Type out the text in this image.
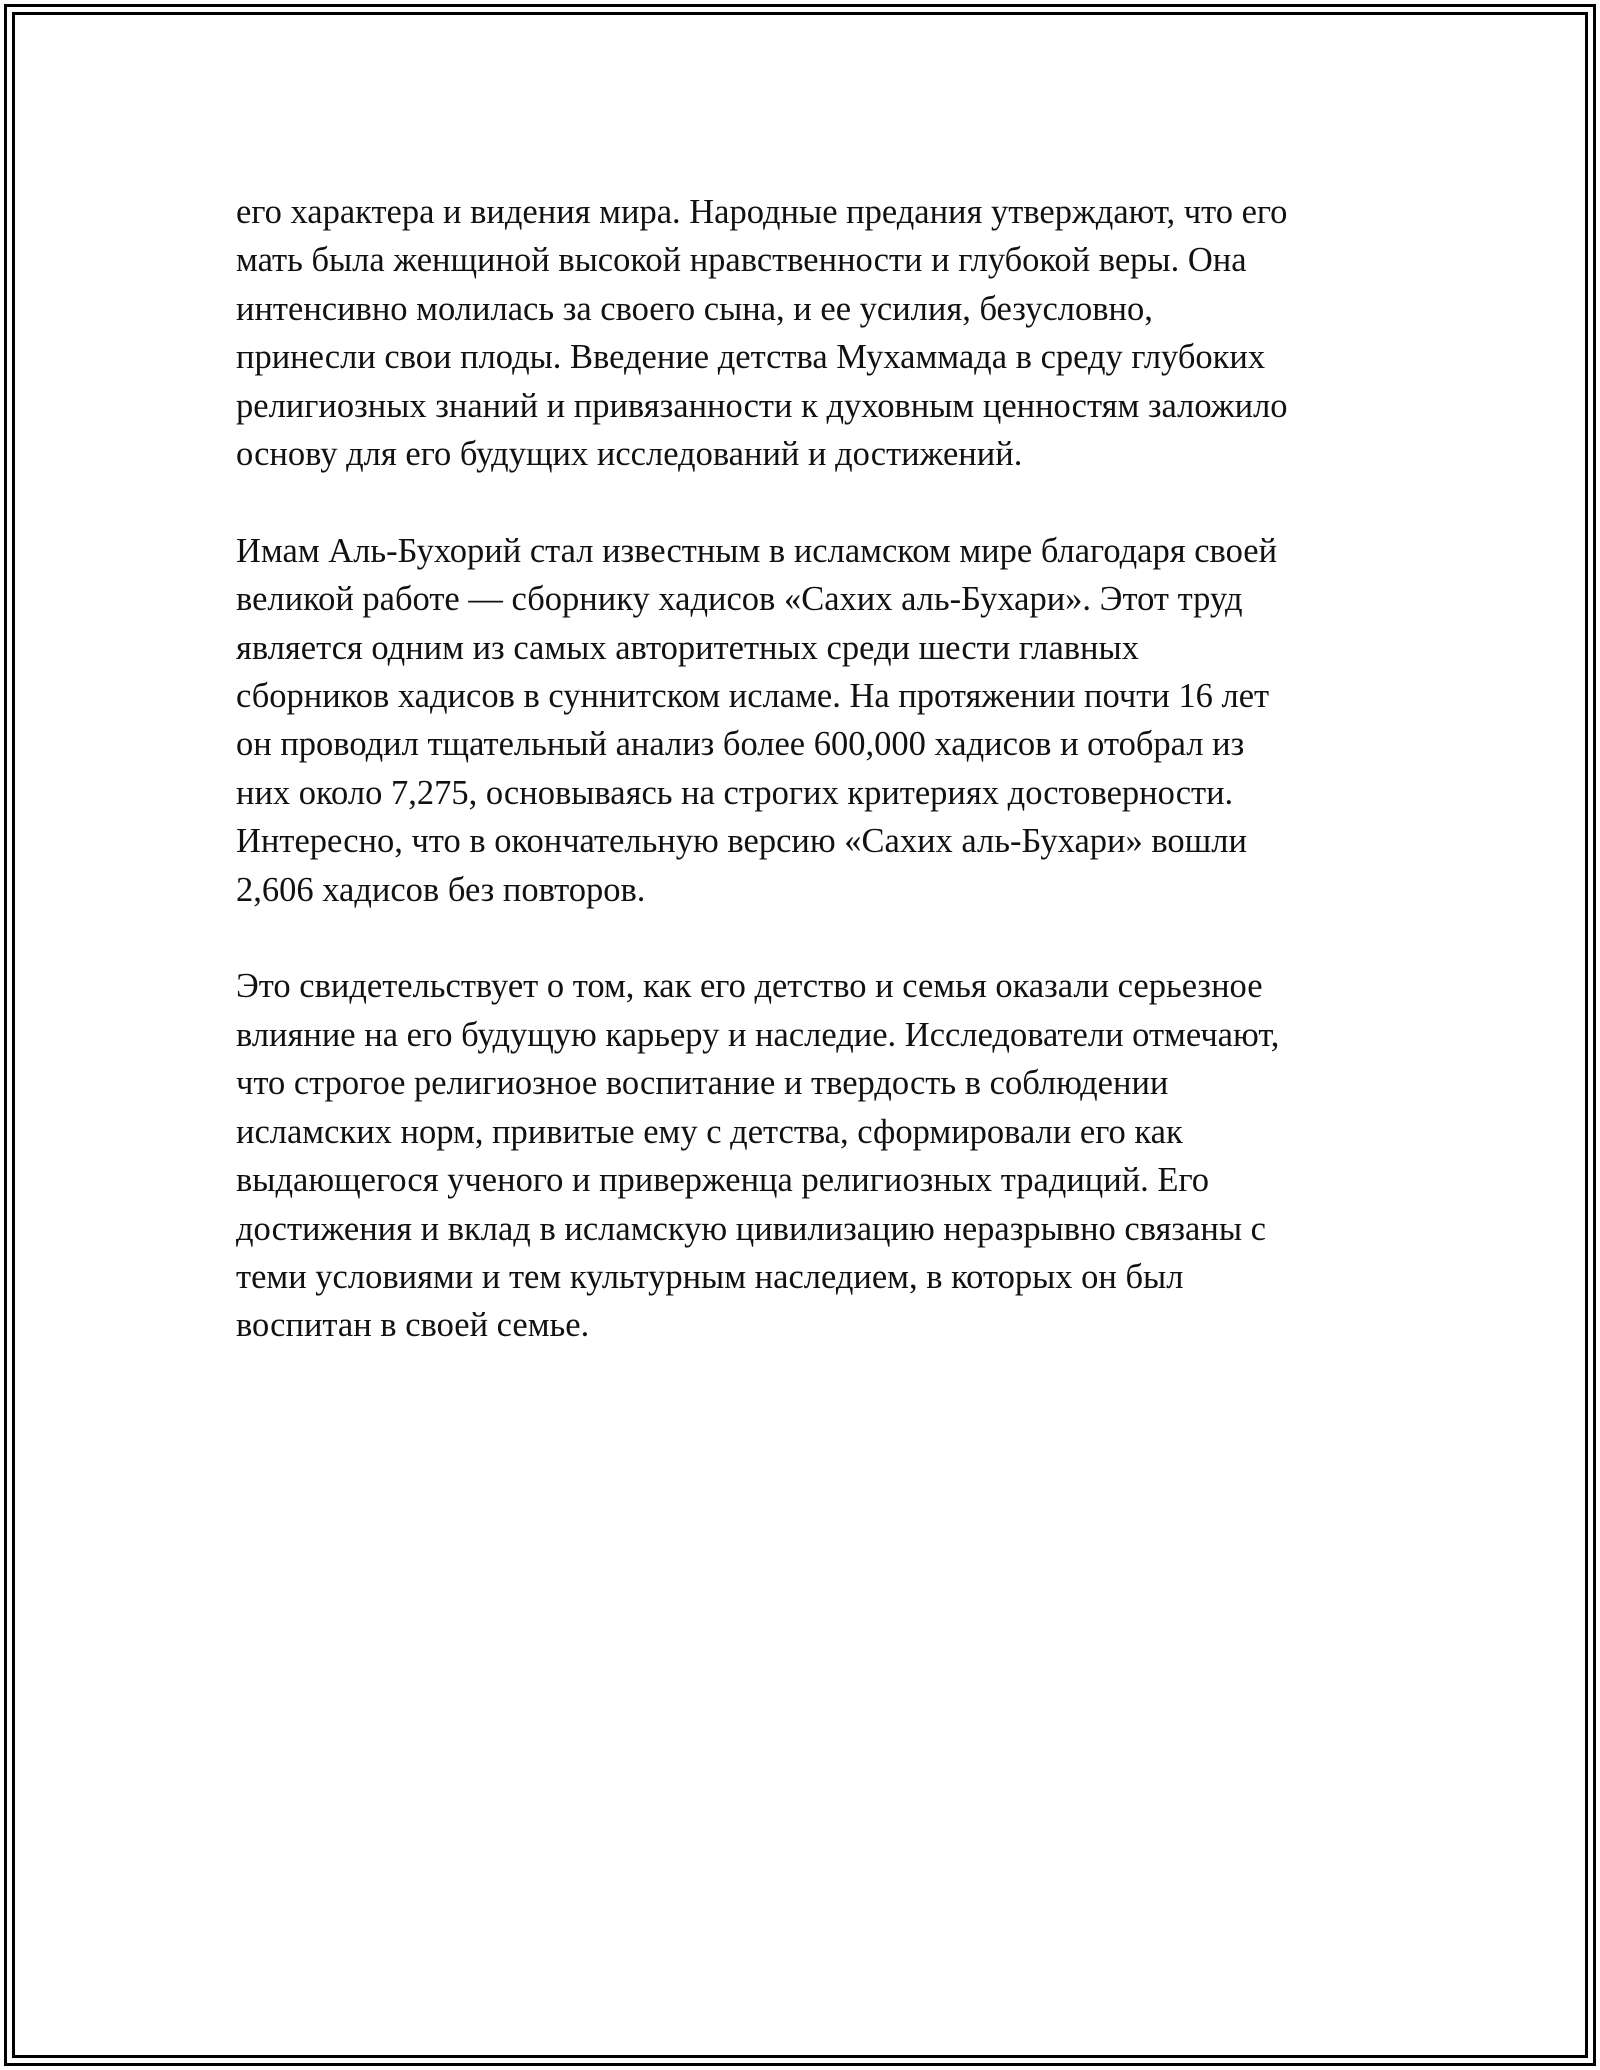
его характера и видения мира. Народные предания утверждают, что его
мать была женщиной высокой нравственности и глубокой веры. Она
интенсивно молилась за своего сына, и ее усилия, безусловно,
принесли свои плоды. Введение детства Мухаммада в среду глубоких
религиозных знаний и привязанности к духовным ценностям заложило
основу для его будущих исследований и достижений.

Имам Аль-Бухорий стал известным в исламском мире благодаря своей
великой работе — сборнику хадисов «Сахих аль-Бухари». Этот труд
является одним из самых авторитетных среди шести главных
сборников хадисов в суннитском исламе. На протяжении почти 16 лет
он проводил тщательный анализ более 600,000 хадисов и отобрал из
них около 7,275, основываясь на строгих критериях достоверности.
Интересно, что в окончательную версию «Сахих аль-Бухари» вошли
2,606 хадисов без повторов.

Это свидетельствует о том, как его детство и семья оказали серьезное
влияние на его будущую карьеру и наследие. Исследователи отмечают,
что строгое религиозное воспитание и твердость в соблюдении
исламских норм, привитые ему с детства, сформировали его как
выдающегося ученого и приверженца религиозных традиций. Его
достижения и вклад в исламскую цивилизацию неразрывно связаны с
теми условиями и тем культурным наследием, в которых он был
воспитан в своей семье.
